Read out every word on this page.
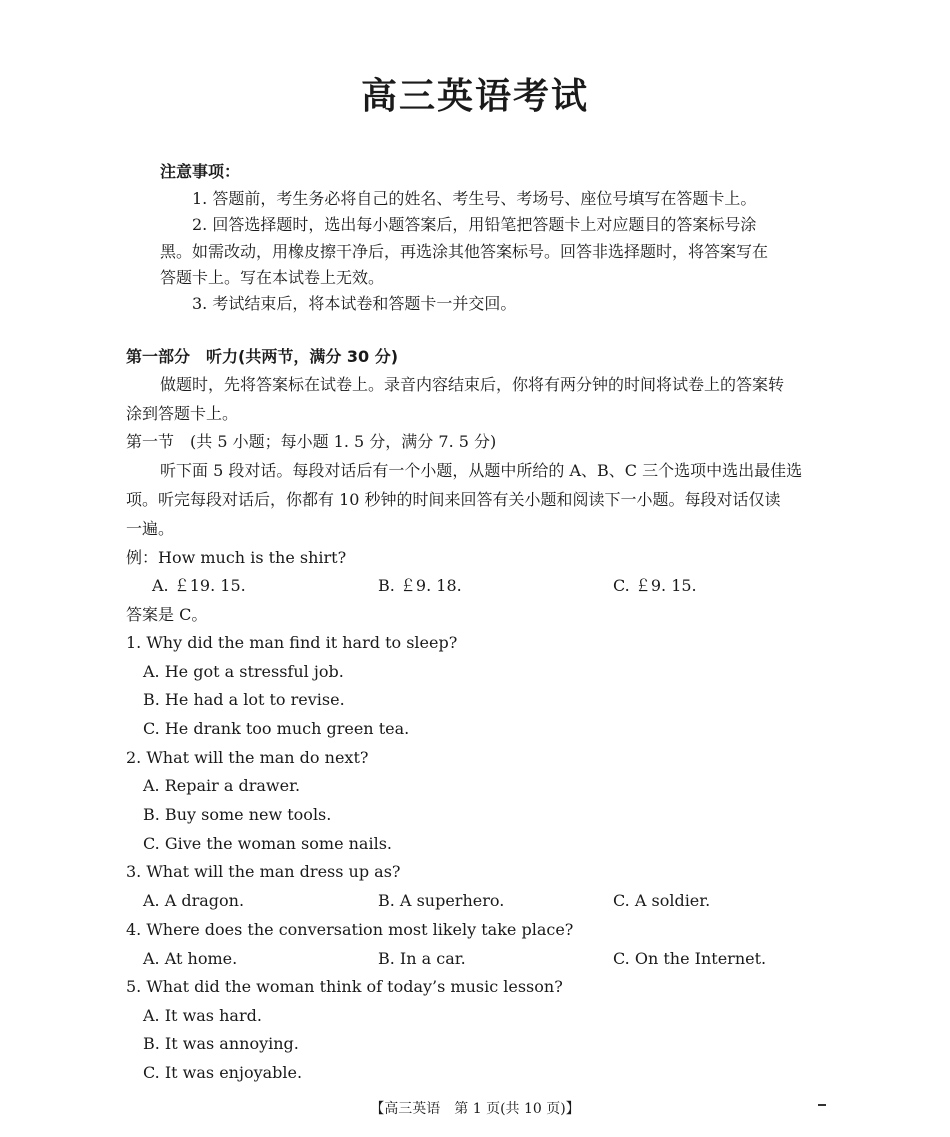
高三英语考试
注意事项：
1. 答题前，考生务必将自己的姓名、考生号、考场号、座位号填写在答题卡上。
2. 回答选择题时，选出每小题答案后，用铅笔把答题卡上对应题目的答案标号涂
黑。如需改动，用橡皮擦干净后，再选涂其他答案标号。回答非选择题时，将答案写在
答题卡上。写在本试卷上无效。
3. 考试结束后，将本试卷和答题卡一并交回。
第一部分　听力(共两节，满分 30 分)
做题时，先将答案标在试卷上。录音内容结束后，你将有两分钟的时间将试卷上的答案转
涂到答题卡上。
第一节　(共 5 小题；每小题 1. 5 分，满分 7. 5 分)
听下面 5 段对话。每段对话后有一个小题，从题中所给的 A、B、C 三个选项中选出最佳选
项。听完每段对话后，你都有 10 秒钟的时间来回答有关小题和阅读下一小题。每段对话仅读
一遍。
例：How much is the shirt?
A. ￡19. 15.	B. ￡9. 18.	C. ￡9. 15.
答案是 C。
1. Why did the man find it hard to sleep?
A. He got a stressful job.
B. He had a lot to revise.
C. He drank too much green tea.
2. What will the man do next?
A. Repair a drawer.
B. Buy some new tools.
C. Give the woman some nails.
3. What will the man dress up as?
A. A dragon.	B. A superhero.	C. A soldier.
4. Where does the conversation most likely take place?
A. At home.	B. In a car.	C. On the Internet.
5. What did the woman think of today’s music lesson?
A. It was hard.
B. It was annoying.
C. It was enjoyable.
【高三英语　第 1 页(共 10 页)】
